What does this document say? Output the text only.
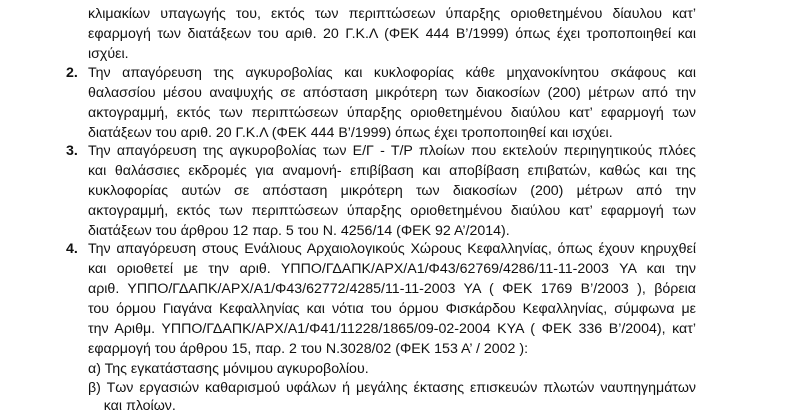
κλιμακίων υπαγωγής του, εκτός των περιπτώσεων ύπαρξης οριοθετημένου δίαυλου κατ’
εφαρμογή των διατάξεων του αριθ. 20 Γ.Κ.Λ (ΦΕΚ 444 Β’/1999) όπως έχει τροποποιηθεί και
ισχύει.
2. Την απαγόρευση της αγκυροβολίας και κυκλοφορίας κάθε μηχανοκίνητου σκάφους και
θαλασσίου μέσου αναψυχής σε απόσταση μικρότερη των διακοσίων (200) μέτρων από την
ακτογραμμή, εκτός των περιπτώσεων ύπαρξης οριοθετημένου διαύλου κατ’ εφαρμογή των
διατάξεων του αριθ. 20 Γ.Κ.Λ (ΦΕΚ 444 Β’/1999) όπως έχει τροποποιηθεί και ισχύει.
3. Την απαγόρευση της αγκυροβολίας των Ε/Γ - Τ/Ρ πλοίων που εκτελούν περιηγητικούς πλόες
και θαλάσσιες εκδρομές για αναμονή- επιβίβαση και αποβίβαση επιβατών, καθώς και της
κυκλοφορίας αυτών σε απόσταση μικρότερη των διακοσίων (200) μέτρων από την
ακτογραμμή, εκτός των περιπτώσεων ύπαρξης οριοθετημένου διαύλου κατ’ εφαρμογή των
διατάξεων του άρθρου 12 παρ. 5 του Ν. 4256/14 (ΦΕΚ 92 Α’/2014).
4. Την απαγόρευση στους Ενάλιους Αρχαιολογικούς Χώρους Κεφαλληνίας, όπως έχουν κηρυχθεί
και οριοθετεί με την αριθ. ΥΠΠΟ/ΓΔΑΠΚ/ΑΡΧ/Α1/Φ43/62769/4286/11-11-2003 ΥΑ και την
αριθ. ΥΠΠΟ/ΓΔΑΠΚ/ΑΡΧ/Α1/Φ43/62772/4285/11-11-2003 ΥΑ ( ΦΕΚ 1769 Β’/2003 ), βόρεια
του όρμου Γιαγάνα Κεφαλληνίας και νότια του όρμου Φισκάρδου Κεφαλληνίας, σύμφωνα με
την Αριθμ. ΥΠΠΟ/ΓΔΑΠΚ/ΑΡΧ/Α1/Φ41/11228/1865/09-02-2004 ΚΥΑ ( ΦΕΚ 336 Β’/2004), κατ’
εφαρμογή του άρθρου 15, παρ. 2 του Ν.3028/02 (ΦΕΚ 153 Α’ / 2002 ):
α) Της εγκατάστασης μόνιμου αγκυροβολίου.
β) Των εργασιών καθαρισμού υφάλων ή μεγάλης έκτασης επισκευών πλωτών ναυπηγημάτων
και πλοίων.
